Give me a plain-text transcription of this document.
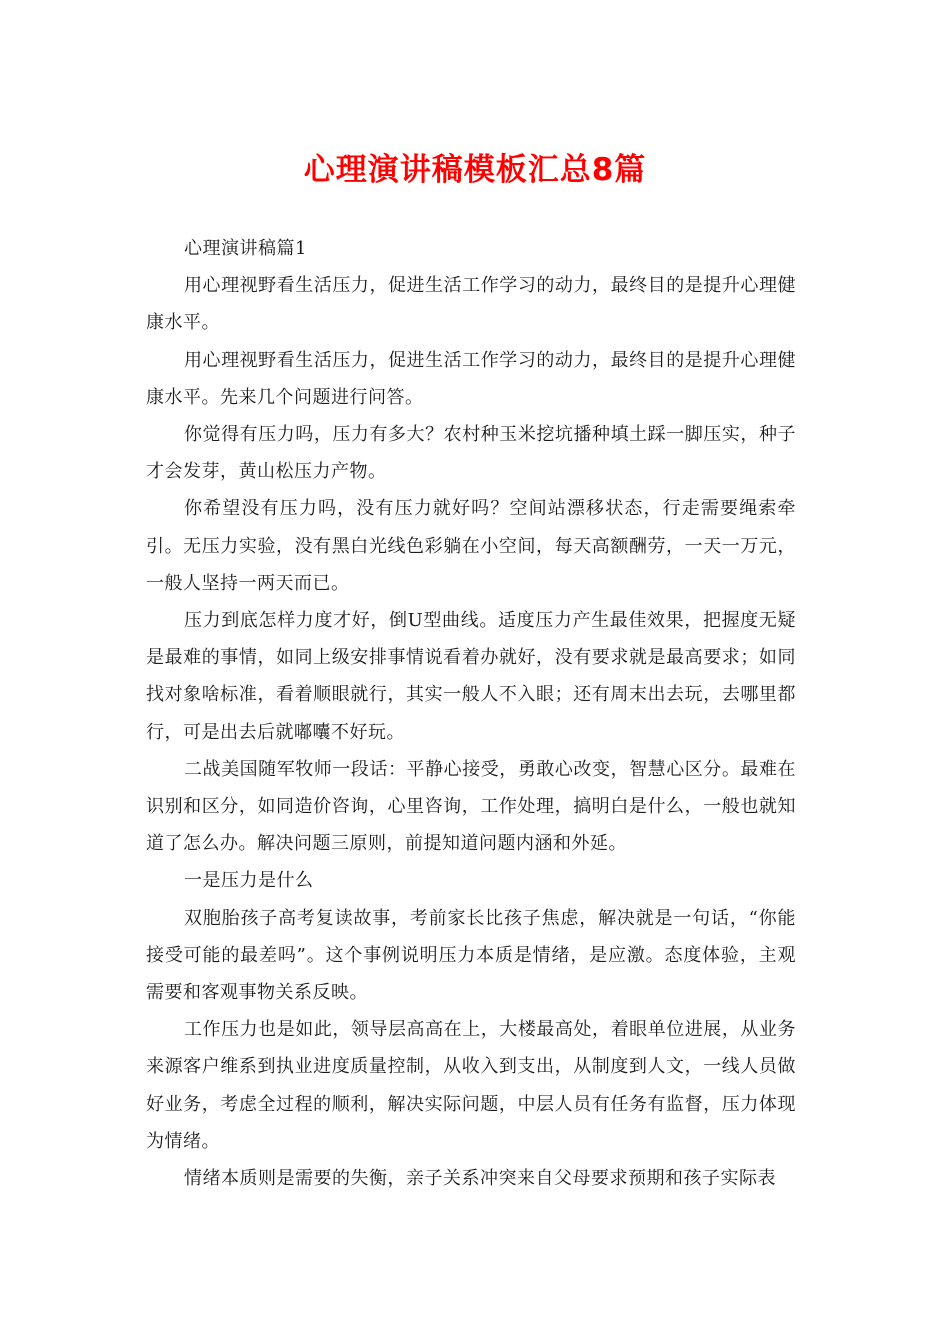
心理演讲稿模板汇总8篇

心理演讲稿篇1

用心理视野看生活压力，促进生活工作学习的动力，最终目的是提升心理健康水平。

用心理视野看生活压力，促进生活工作学习的动力，最终目的是提升心理健康水平。先来几个问题进行问答。

你觉得有压力吗，压力有多大？农村种玉米挖坑播种填土踩一脚压实，种子才会发芽，黄山松压力产物。

你希望没有压力吗，没有压力就好吗？空间站漂移状态，行走需要绳索牵引。无压力实验，没有黑白光线色彩躺在小空间，每天高额酬劳，一天一万元，一般人坚持一两天而已。

压力到底怎样力度才好，倒U型曲线。适度压力产生最佳效果，把握度无疑是最难的事情，如同上级安排事情说看着办就好，没有要求就是最高要求；如同找对象啥标准，看着顺眼就行，其实一般人不入眼；还有周末出去玩，去哪里都行，可是出去后就嘟囔不好玩。

二战美国随军牧师一段话：平静心接受，勇敢心改变，智慧心区分。最难在识别和区分，如同造价咨询，心里咨询，工作处理，搞明白是什么，一般也就知道了怎么办。解决问题三原则，前提知道问题内涵和外延。

一是压力是什么

双胞胎孩子高考复读故事，考前家长比孩子焦虑，解决就是一句话，“你能接受可能的最差吗”。这个事例说明压力本质是情绪，是应激。态度体验，主观需要和客观事物关系反映。

工作压力也是如此，领导层高高在上，大楼最高处，着眼单位进展，从业务来源客户维系到执业进度质量控制，从收入到支出，从制度到人文，一线人员做好业务，考虑全过程的顺利，解决实际问题，中层人员有任务有监督，压力体现为情绪。

情绪本质则是需要的失衡，亲子关系冲突来自父母要求预期和孩子实际表
